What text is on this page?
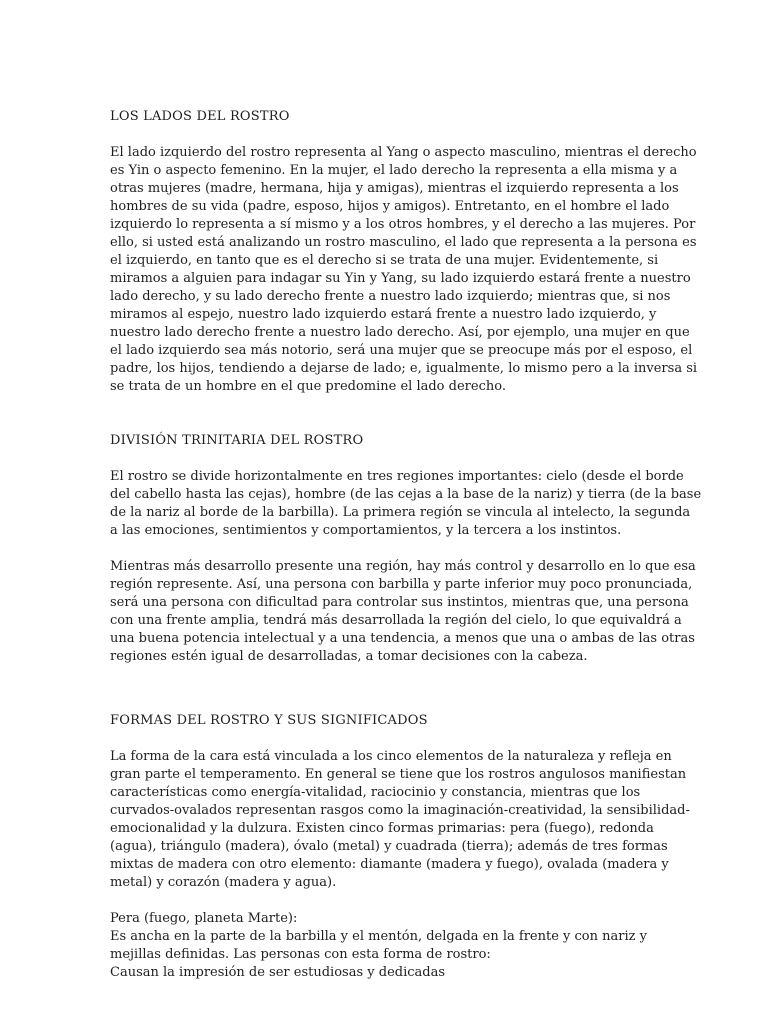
LOS LADOS DEL ROSTRO

El lado izquierdo del rostro representa al Yang o aspecto masculino, mientras el derecho
es Yin o aspecto femenino. En la mujer, el lado derecho la representa a ella misma y a
otras mujeres (madre, hermana, hija y amigas), mientras el izquierdo representa a los
hombres de su vida (padre, esposo, hijos y amigos). Entretanto, en el hombre el lado
izquierdo lo representa a sí mismo y a los otros hombres, y el derecho a las mujeres. Por
ello, si usted está analizando un rostro masculino, el lado que representa a la persona es
el izquierdo, en tanto que es el derecho si se trata de una mujer. Evidentemente, si
miramos a alguien para indagar su Yin y Yang, su lado izquierdo estará frente a nuestro
lado derecho, y su lado derecho frente a nuestro lado izquierdo; mientras que, si nos
miramos al espejo, nuestro lado izquierdo estará frente a nuestro lado izquierdo, y
nuestro lado derecho frente a nuestro lado derecho. Así, por ejemplo, una mujer en que
el lado izquierdo sea más notorio, será una mujer que se preocupe más por el esposo, el
padre, los hijos, tendiendo a dejarse de lado; e, igualmente, lo mismo pero a la inversa si
se trata de un hombre en el que predomine el lado derecho.

DIVISIÓN TRINITARIA DEL ROSTRO

El rostro se divide horizontalmente en tres regiones importantes: cielo (desde el borde
del cabello hasta las cejas), hombre (de las cejas a la base de la nariz) y tierra (de la base
de la nariz al borde de la barbilla). La primera región se vincula al intelecto, la segunda
a las emociones, sentimientos y comportamientos, y la tercera a los instintos.

Mientras más desarrollo presente una región, hay más control y desarrollo en lo que esa
región represente. Así, una persona con barbilla y parte inferior muy poco pronunciada,
será una persona con dificultad para controlar sus instintos, mientras que, una persona
con una frente amplia, tendrá más desarrollada la región del cielo, lo que equivaldrá a
una buena potencia intelectual y a una tendencia, a menos que una o ambas de las otras
regiones estén igual de desarrolladas, a tomar decisiones con la cabeza.

FORMAS DEL ROSTRO Y SUS SIGNIFICADOS

La forma de la cara está vinculada a los cinco elementos de la naturaleza y refleja en
gran parte el temperamento. En general se tiene que los rostros angulosos manifiestan
características como energía-vitalidad, raciocinio y constancia, mientras que los
curvados-ovalados representan rasgos como la imaginación-creatividad, la sensibilidad-
emocionalidad y la dulzura. Existen cinco formas primarias: pera (fuego), redonda
(agua), triángulo (madera), óvalo (metal) y cuadrada (tierra); además de tres formas
mixtas de madera con otro elemento: diamante (madera y fuego), ovalada (madera y
metal) y corazón (madera y agua).

Pera (fuego, planeta Marte):
Es ancha en la parte de la barbilla y el mentón, delgada en la frente y con nariz y
mejillas definidas. Las personas con esta forma de rostro:
Causan la impresión de ser estudiosas y dedicadas
